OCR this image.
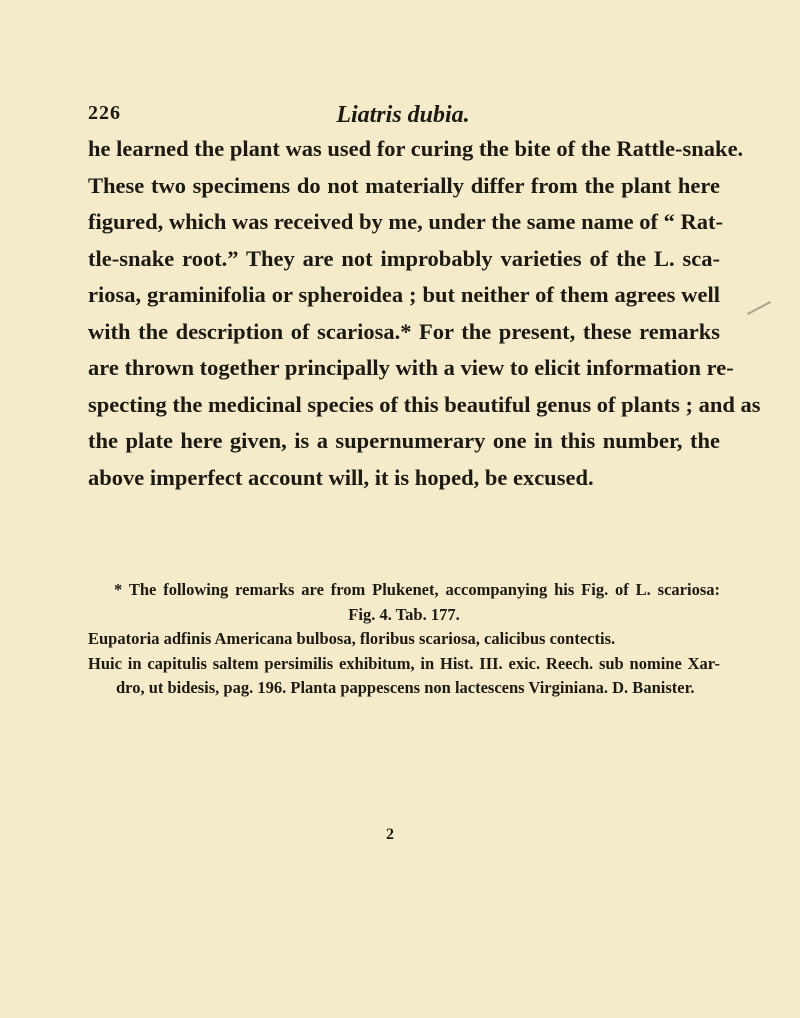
226	Liatris dubia.
he learned the plant was used for curing the bite of the Rattle-snake.
These two specimens do not materially differ from the plant here
figured, which was received by me, under the same name of “ Rat-
tle-snake root.” They are not improbably varieties of the L. sca-
riosa, graminifolia or spheroidea ; but neither of them agrees well
with the description of scariosa.* For the present, these remarks
are thrown together principally with a view to elicit information re-
specting the medicinal species of this beautiful genus of plants ; and as
the plate here given, is a supernumerary one in this number, the
above imperfect account will, it is hoped, be excused.
* The following remarks are from Plukenet, accompanying his Fig. of L. scariosa:
Fig. 4. Tab. 177.
Eupatoria adfinis Americana bulbosa, floribus scariosa, calicibus contectis.
Huic in capitulis saltem persimilis exhibitum, in Hist. III. exic. Reech. sub nomine Xar-
dro, ut bidesis, pag. 196. Planta pappescens non lactescens Virginiana. D. Banister.
2
